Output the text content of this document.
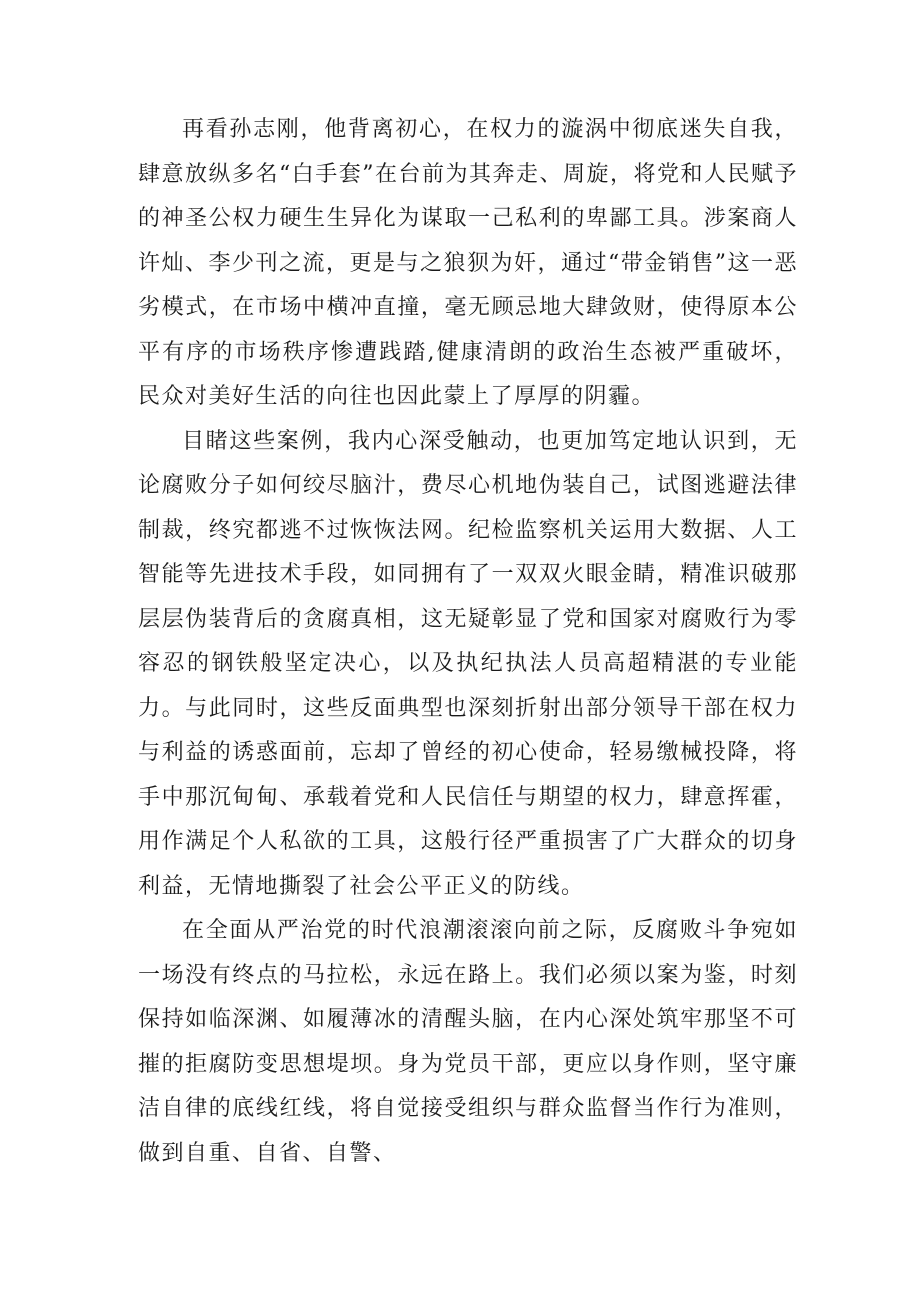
再看孙志刚，他背离初心，在权力的漩涡中彻底迷失自我，肆意放纵多名“白手套”在台前为其奔走、周旋，将党和人民赋予的神圣公权力硬生生异化为谋取一己私利的卑鄙工具。涉案商人许灿、李少刊之流，更是与之狼狈为奸，通过“带金销售”这一恶劣模式，在市场中横冲直撞，毫无顾忌地大肆敛财，使得原本公平有序的市场秩序惨遭践踏,健康清朗的政治生态被严重破坏，民众对美好生活的向往也因此蒙上了厚厚的阴霾。

目睹这些案例，我内心深受触动，也更加笃定地认识到，无论腐败分子如何绞尽脑汁，费尽心机地伪装自己，试图逃避法律制裁，终究都逃不过恢恢法网。纪检监察机关运用大数据、人工智能等先进技术手段，如同拥有了一双双火眼金睛，精准识破那层层伪装背后的贪腐真相，这无疑彰显了党和国家对腐败行为零容忍的钢铁般坚定决心，以及执纪执法人员高超精湛的专业能力。与此同时，这些反面典型也深刻折射出部分领导干部在权力与利益的诱惑面前，忘却了曾经的初心使命，轻易缴械投降，将手中那沉甸甸、承载着党和人民信任与期望的权力，肆意挥霍，用作满足个人私欲的工具，这般行径严重损害了广大群众的切身利益，无情地撕裂了社会公平正义的防线。

在全面从严治党的时代浪潮滚滚向前之际，反腐败斗争宛如一场没有终点的马拉松，永远在路上。我们必须以案为鉴，时刻保持如临深渊、如履薄冰的清醒头脑，在内心深处筑牢那坚不可摧的拒腐防变思想堤坝。身为党员干部，更应以身作则，坚守廉洁自律的底线红线，将自觉接受组织与群众监督当作行为准则，做到自重、自省、自警、
